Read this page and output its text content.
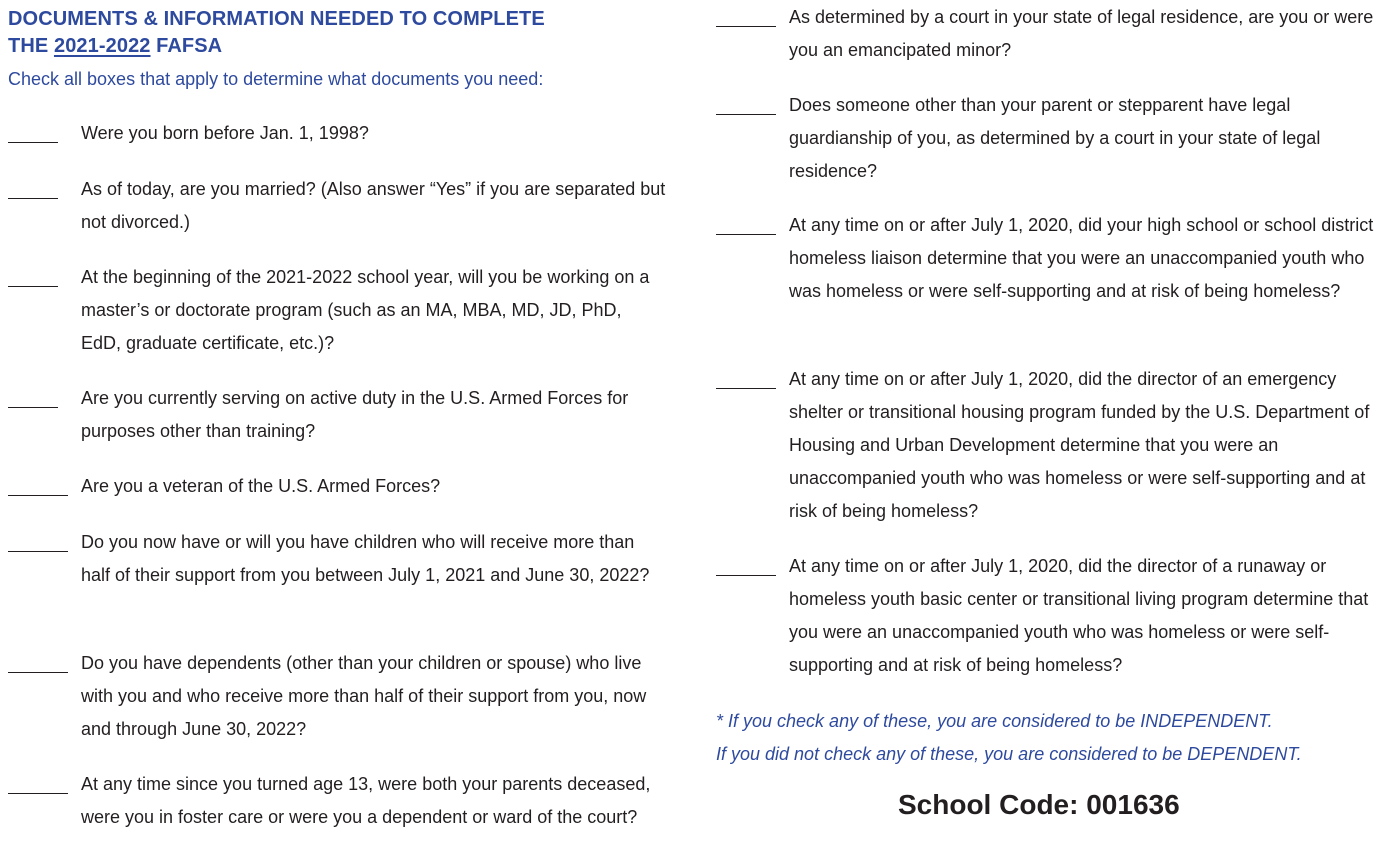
DOCUMENTS & INFORMATION NEEDED TO COMPLETE
THE 2021-2022 FAFSA

Check all boxes that apply to determine what documents you need:

Were you born before Jan. 1, 1998?
As of today, are you married? (Also answer “Yes” if you are separated but not divorced.)
At the beginning of the 2021-2022 school year, will you be working on a master’s or doctorate program (such as an MA, MBA, MD, JD, PhD, EdD, graduate certificate, etc.)?
Are you currently serving on active duty in the U.S. Armed Forces for purposes other than training?
Are you a veteran of the U.S. Armed Forces?
Do you now have or will you have children who will receive more than half of their support from you between July 1, 2021 and June 30, 2022?
Do you have dependents (other than your children or spouse) who live with you and who receive more than half of their support from you, now and through June 30, 2022?
At any time since you turned age 13, were both your parents deceased, were you in foster care or were you a dependent or ward of the court?
As determined by a court in your state of legal residence, are you or were you an emancipated minor?
Does someone other than your parent or stepparent have legal guardianship of you, as determined by a court in your state of legal residence?
At any time on or after July 1, 2020, did your high school or school district homeless liaison determine that you were an unaccompanied youth who was homeless or were self-supporting and at risk of being homeless?
At any time on or after July 1, 2020, did the director of an emergency shelter or transitional housing program funded by the U.S. Department of Housing and Urban Development determine that you were an unaccompanied youth who was homeless or were self-supporting and at risk of being homeless?
At any time on or after July 1, 2020, did the director of a runaway or homeless youth basic center or transitional living program determine that you were an unaccompanied youth who was homeless or were self-supporting and at risk of being homeless?

* If you check any of these, you are considered to be INDEPENDENT.
If you did not check any of these, you are considered to be DEPENDENT.

School Code: 001636
